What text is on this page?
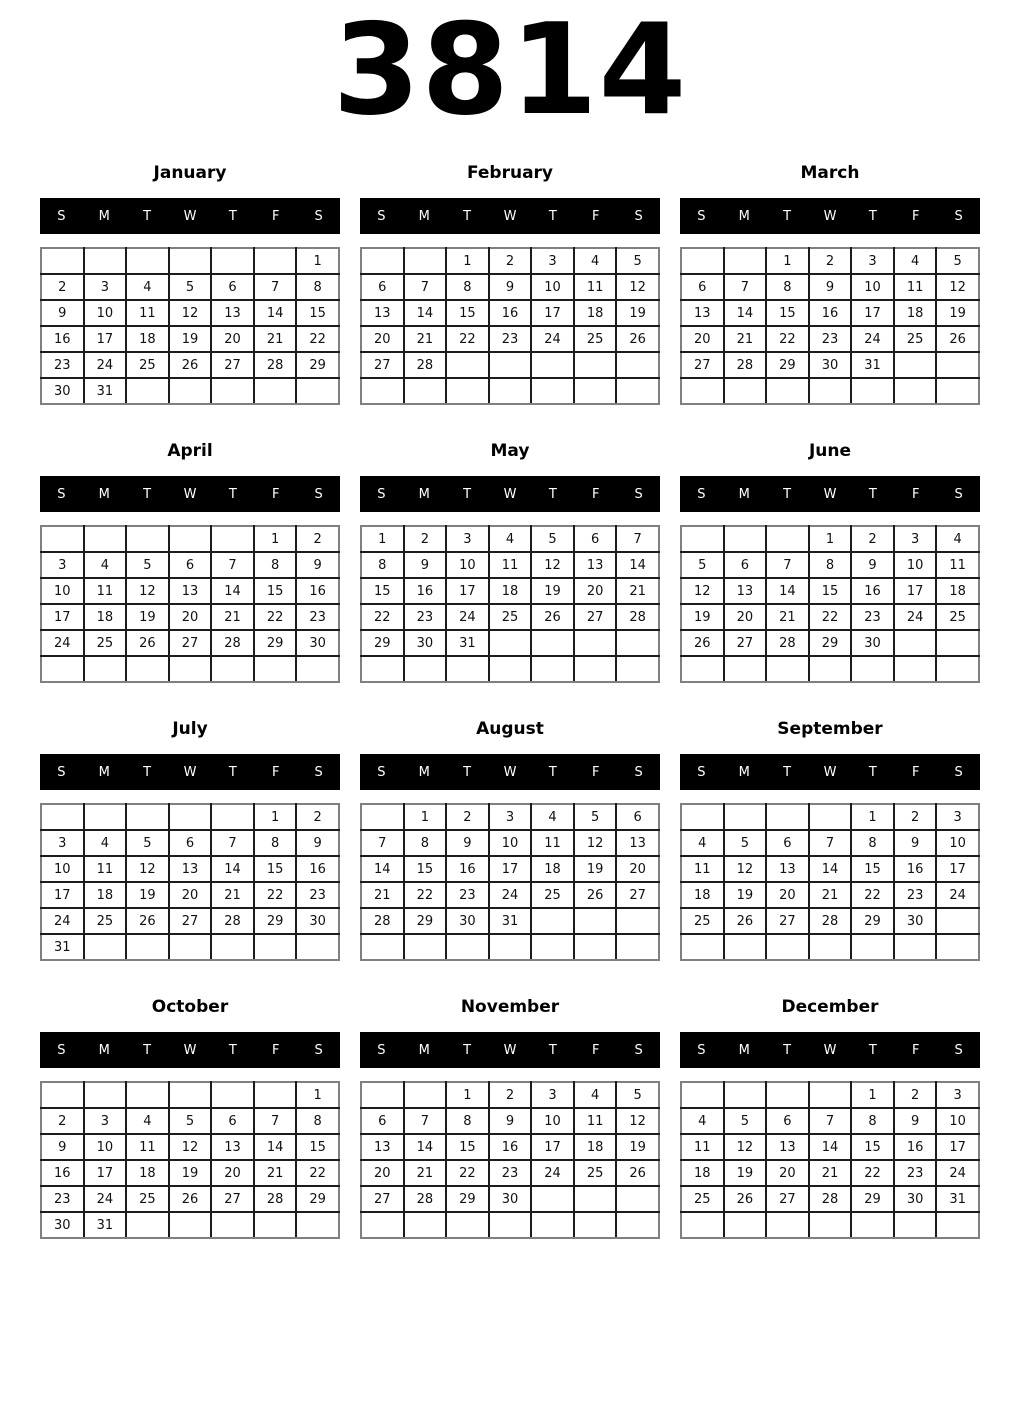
3814
January
S	M	T	W	T	F	S
						1
2	3	4	5	6	7	8
9	10	11	12	13	14	15
16	17	18	19	20	21	22
23	24	25	26	27	28	29
30	31					
February
S	M	T	W	T	F	S
		1	2	3	4	5
6	7	8	9	10	11	12
13	14	15	16	17	18	19
20	21	22	23	24	25	26
27	28					

March
S	M	T	W	T	F	S
		1	2	3	4	5
6	7	8	9	10	11	12
13	14	15	16	17	18	19
20	21	22	23	24	25	26
27	28	29	30	31		

April
S	M	T	W	T	F	S
					1	2
3	4	5	6	7	8	9
10	11	12	13	14	15	16
17	18	19	20	21	22	23
24	25	26	27	28	29	30

May
S	M	T	W	T	F	S
1	2	3	4	5	6	7
8	9	10	11	12	13	14
15	16	17	18	19	20	21
22	23	24	25	26	27	28
29	30	31				

June
S	M	T	W	T	F	S
			1	2	3	4
5	6	7	8	9	10	11
12	13	14	15	16	17	18
19	20	21	22	23	24	25
26	27	28	29	30		

July
S	M	T	W	T	F	S
					1	2
3	4	5	6	7	8	9
10	11	12	13	14	15	16
17	18	19	20	21	22	23
24	25	26	27	28	29	30
31						
August
S	M	T	W	T	F	S
	1	2	3	4	5	6
7	8	9	10	11	12	13
14	15	16	17	18	19	20
21	22	23	24	25	26	27
28	29	30	31			

September
S	M	T	W	T	F	S
				1	2	3
4	5	6	7	8	9	10
11	12	13	14	15	16	17
18	19	20	21	22	23	24
25	26	27	28	29	30	

October
S	M	T	W	T	F	S
						1
2	3	4	5	6	7	8
9	10	11	12	13	14	15
16	17	18	19	20	21	22
23	24	25	26	27	28	29
30	31					
November
S	M	T	W	T	F	S
		1	2	3	4	5
6	7	8	9	10	11	12
13	14	15	16	17	18	19
20	21	22	23	24	25	26
27	28	29	30			

December
S	M	T	W	T	F	S
				1	2	3
4	5	6	7	8	9	10
11	12	13	14	15	16	17
18	19	20	21	22	23	24
25	26	27	28	29	30	31
